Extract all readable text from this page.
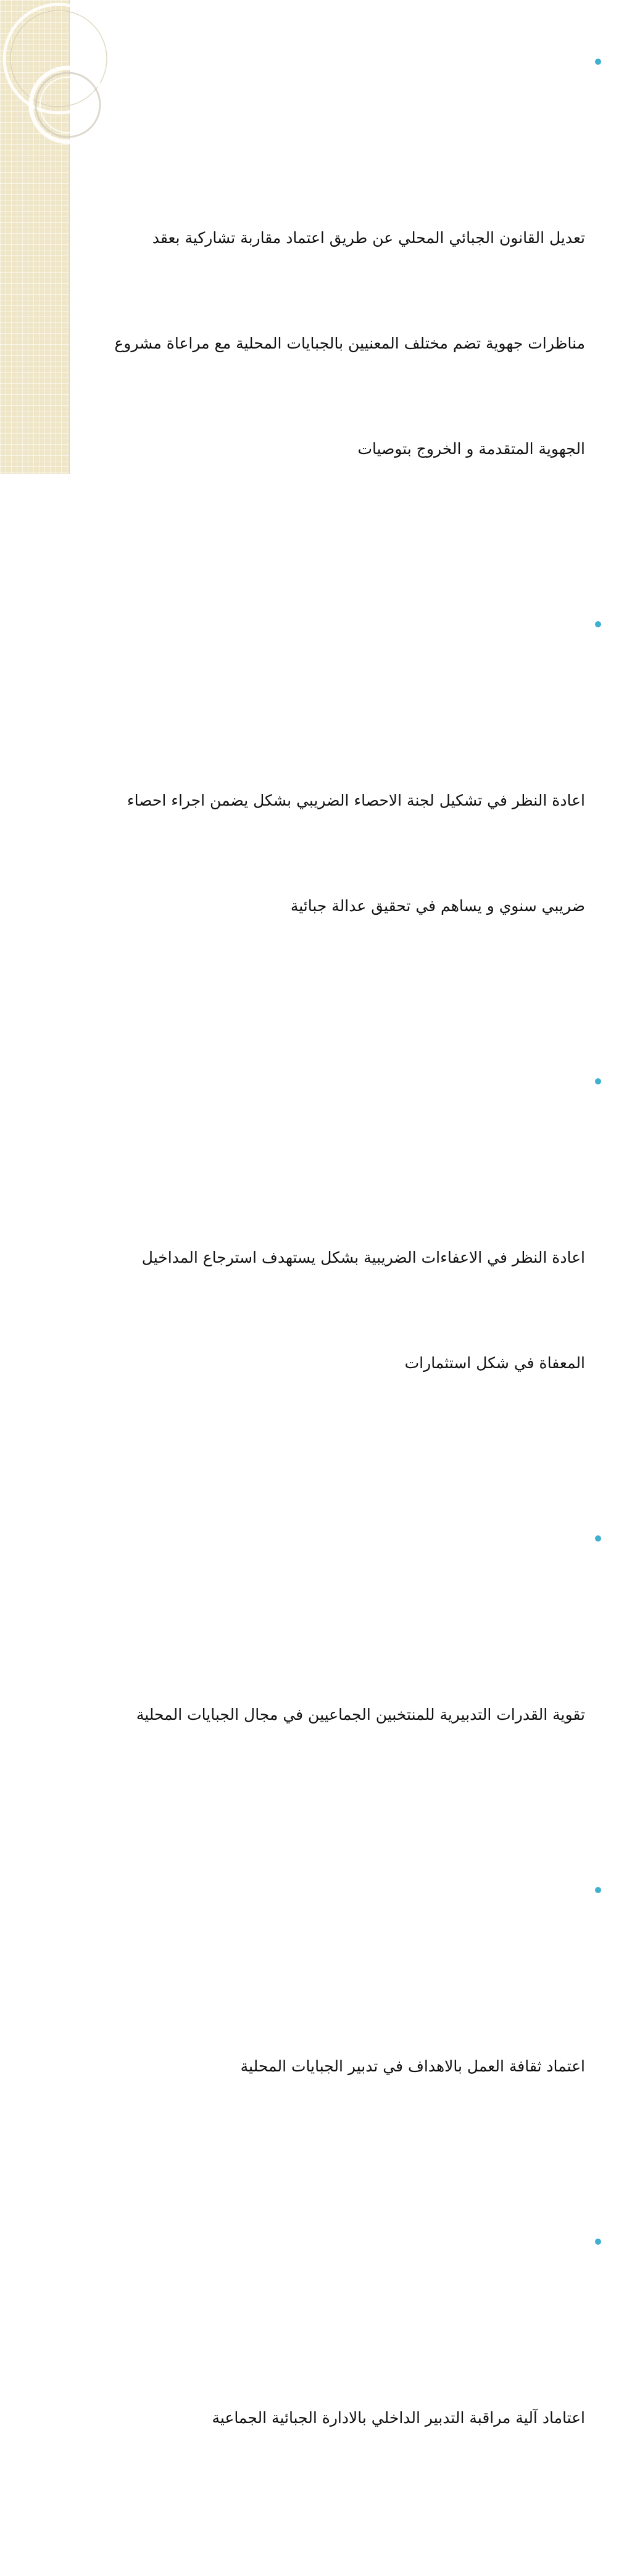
تعديل القانون الجبائي المحلي عن طريق اعتماد مقاربة تشاركية بعقد

مناظرات جهوية تضم مختلف المعنيين بالجبايات المحلية مع مراعاة مشروع

الجهوية المتقدمة و الخروج بتوصيات

اعادة النظر في تشكيل لجنة الاحصاء الضريبي بشكل يضمن اجراء احصاء

ضريبي سنوي و يساهم في تحقيق عدالة جبائية

اعادة النظر في الاعفاءات الضريبية بشكل يستهدف استرجاع المداخيل

المعفاة في شكل استثمارات

تقوية القدرات التدبيرية للمنتخبين الجماعيين في مجال الجبايات المحلية

اعتماد ثقافة العمل بالاهداف في تدبير الجبايات المحلية

اعتاماد آلية مراقبة التدبير الداخلي بالادارة الجبائية الجماعية
